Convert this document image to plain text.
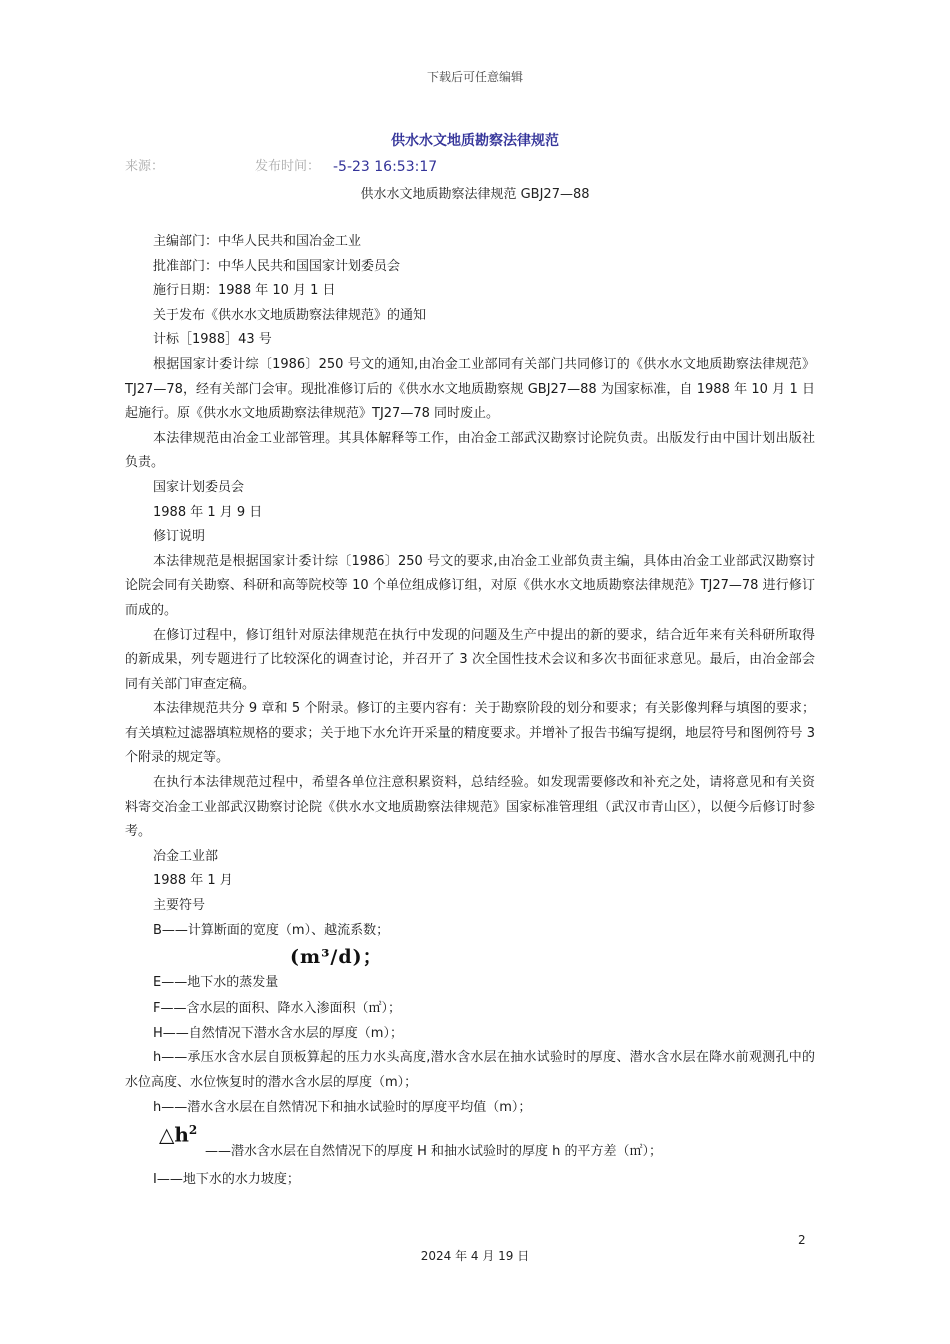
下载后可任意编辑
供水水文地质勘察法律规范
来源：	发布时间： -5-23 16:53:17
供水水文地质勘察法律规范 GBJ27—88

主编部门：中华人民共和国冶金工业

批准部门：中华人民共和国国家计划委员会

施行日期：1988 年 10 月 1 日

关于发布《供水水文地质勘察法律规范》的通知

计标［1988］43 号

根据国家计委计综〔1986〕250 号文的通知,由冶金工业部同有关部门共同修订的《供水水文地质勘察法律规范》TJ27—78，经有关部门会审。现批准修订后的《供水水文地质勘察规 GBJ27—88 为国家标准，自 1988 年 10 月 1 日起施行。原《供水水文地质勘察法律规范》TJ27—78 同时废止。

本法律规范由冶金工业部管理。其具体解释等工作，由冶金工部武汉勘察讨论院负责。出版发行由中国计划出版社负责。

国家计划委员会

1988 年 1 月 9 日

修订说明

本法律规范是根据国家计委计综〔1986〕250 号文的要求,由冶金工业部负责主编，具体由冶金工业部武汉勘察讨论院会同有关勘察、科研和高等院校等 10 个单位组成修订组，对原《供水水文地质勘察法律规范》TJ27—78 进行修订而成的。

在修订过程中，修订组针对原法律规范在执行中发现的问题及生产中提出的新的要求，结合近年来有关科研所取得的新成果，列专题进行了比较深化的调查讨论，并召开了 3 次全国性技术会议和多次书面征求意见。最后，由冶金部会同有关部门审查定稿。

本法律规范共分 9 章和 5 个附录。修订的主要内容有：关于勘察阶段的划分和要求；有关影像判释与填图的要求；有关填粒过滤器填粒规格的要求；关于地下水允许开采量的精度要求。并增补了报告书编写提纲，地层符号和图例符号 3 个附录的规定等。

在执行本法律规范过程中，希望各单位注意积累资料，总结经验。如发现需要修改和补充之处，请将意见和有关资料寄交冶金工业部武汉勘察讨论院《供水水文地质勘察法律规范》国家标准管理组（武汉市青山区），以便今后修订时参考。

冶金工业部

1988 年 1 月

主要符号

B——计算断面的宽度（m）、越流系数；

E——地下水的蒸发量
(m³/d)；

F——含水层的面积、降水入渗面积（㎡）；

H——自然情况下潜水含水层的厚度（m）；

h——承压水含水层自顶板算起的压力水头高度,潜水含水层在抽水试验时的厚度、潜水含水层在降水前观测孔中的水位高度、水位恢复时的潜水含水层的厚度（m）；

h——潜水含水层在自然情况下和抽水试验时的厚度平均值（m）；

$\triangle h^2$
——潜水含水层在自然情况下的厚度 H 和抽水试验时的厚度 h 的平方差（㎡）；

I——地下水的水力坡度；

2
2024 年 4 月 19 日
